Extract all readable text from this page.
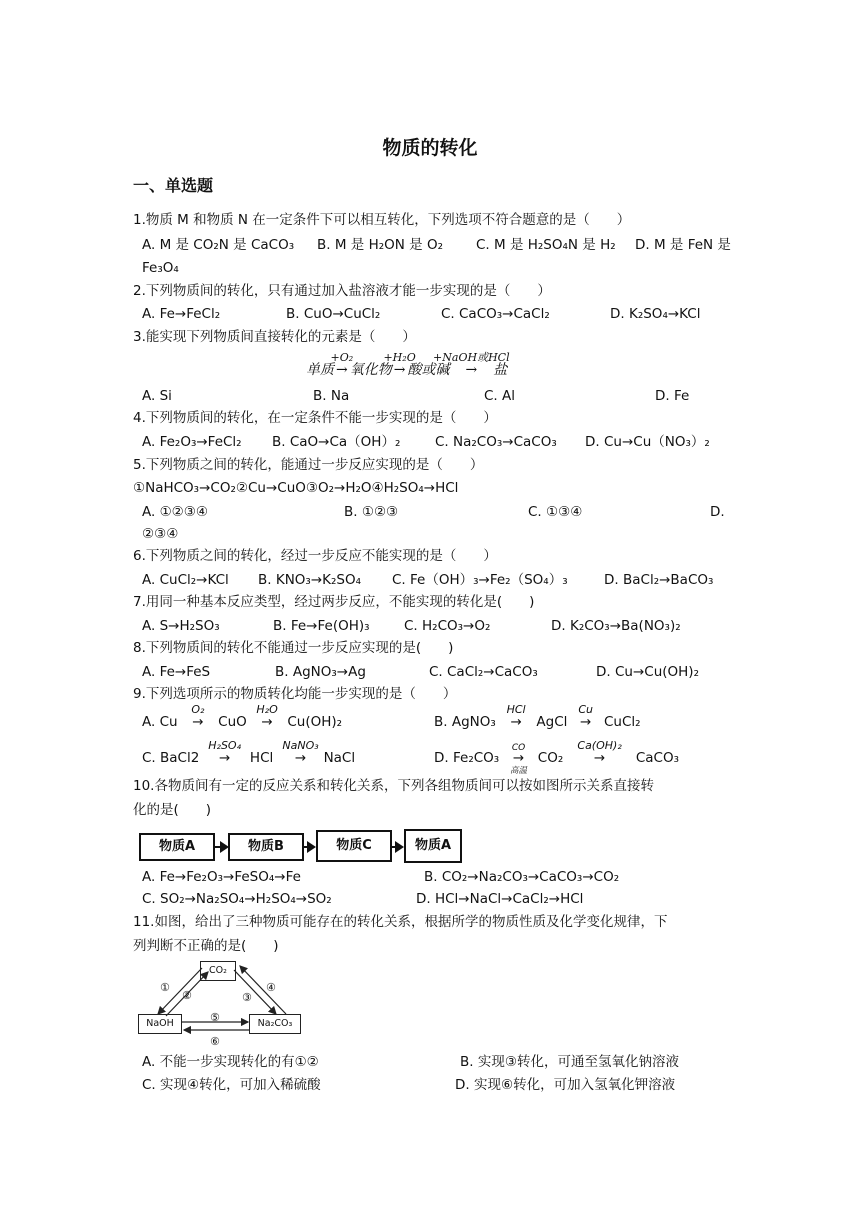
物质的转化
一、单选题
1.物质 M 和物质 N 在一定条件下可以相互转化，下列选项不符合题意的是（　　）
A. M 是 CO₂N 是 CaCO₃ B. M 是 H₂ON 是 O₂ C. M 是 H₂SO₄N 是 H₂ D. M 是 FeN 是
Fe₃O₄
2.下列物质间的转化，只有通过加入盐溶液才能一步实现的是（　　）
A. Fe→FeCl₂	B. CuO→CuCl₂	C. CaCO₃→CaCl₂	D. K₂SO₄→KCl
3.能实现下列物质间直接转化的元素是（　　）
单质
+O₂
→ 氧化物
+H₂O
→ 酸或碱
+NaOH或HCl
→ 盐
A. Si	B. Na	C. Al	D. Fe
4.下列物质间的转化，在一定条件不能一步实现的是（　　）
A. Fe₂O₃→FeCl₂ B. CaO→Ca（OH）₂	C. Na₂CO₃→CaCO₃ D. Cu→Cu（NO₃）₂
5.下列物质之间的转化，能通过一步反应实现的是（　　）
①NaHCO₃→CO₂②Cu→CuO③O₂→H₂O④H₂SO₄→HCl
A. ①②③④	B. ①②③	C. ①③④	D.
②③④
6.下列物质之间的转化，经过一步反应不能实现的是（　　）
A. CuCl₂→KCl B. KNO₃→K₂SO₄ C. Fe（OH）₃→Fe₂（SO₄）₃	D. BaCl₂→BaCO₃
7.用同一种基本反应类型，经过两步反应，不能实现的转化是(　　)
A. S→H₂SO₃	B. Fe→Fe(OH)₃	C. H₂CO₃→O₂	D. K₂CO₃→Ba(NO₃)₂
8.下列物质间的转化不能通过一步反应实现的是(　　)
A. Fe→FeS	B. AgNO₃→Ag	C. CaCl₂→CaCO₃	D. Cu→Cu(OH)₂
9.下列选项所示的物质转化均能一步实现的是（　　）
A. Cu
O₂
→ CuO
H₂O
→ Cu(OH)₂	B. AgNO₃
HCl
→ AgCl
Cu
→ CuCl₂
C. BaCl2
H₂SO₄
→ HCl
NaNO₃
→ NaCl	D. Fe₂CO₃
CO
→
高温
CO₂
Ca(OH)₂
→ CaCO₃
10.各物质间有一定的反应关系和转化关系，下列各组物质间可以按如图所示关系直接转
化的是(　　)
物质A	物质B	物质C	物质A
A. Fe→Fe₂O₃→FeSO₄→Fe	B. CO₂→Na₂CO₃→CaCO₃→CO₂
C. SO₂→Na₂SO₄→H₂SO₄→SO₂	D. HCl→NaCl→CaCl₂→HCl
11.如图，给出了三种物质可能存在的转化关系，根据所学的物质性质及化学变化规律，下
列判断不正确的是(　　)
CO₂
NaOH	Na₂CO₃
①
②	③
④
⑤
⑥
A. 不能一步实现转化的有①②	B. 实现③转化，可通至氢氧化钠溶液
C. 实现④转化，可加入稀硫酸	D. 实现⑥转化，可加入氢氧化钾溶液
